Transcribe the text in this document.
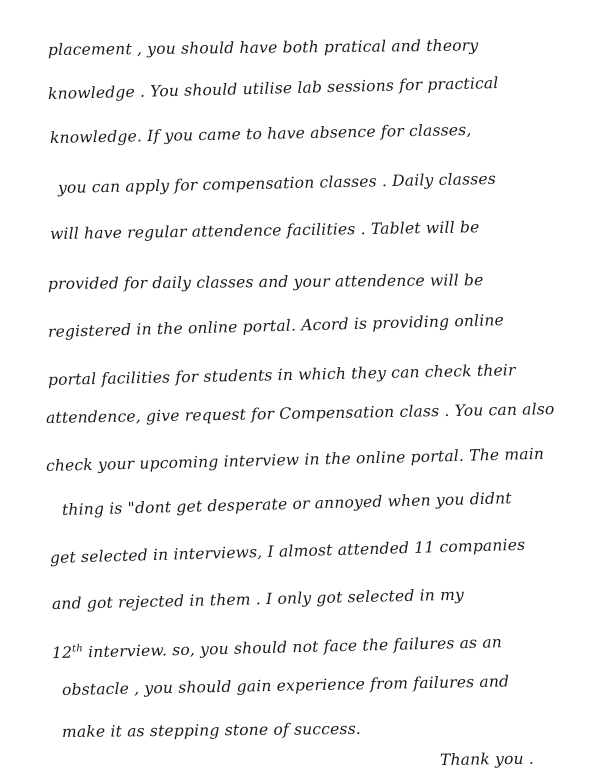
placement , you should have both pratical and theory

knowledge . You should utilise lab sessions for practical

knowledge. If you came to have absence for classes,

you can apply for compensation classes . Daily classes

will have regular attendence facilities . Tablet will be

provided for daily classes and your attendence will be

registered in the online portal. Acord is providing online

portal facilities for students in which they can check their

attendence, give request for Compensation class . You can also

check your upcoming interview in the online portal. The main

thing is "dont get desperate or annoyed when you didnt

get selected in interviews, I almost attended 11 companies

and got rejected in them . I only got selected in my

12th interview. so, you should not face the failures as an

obstacle , you should gain experience from failures and

make it as stepping stone of success.

Thank you .
